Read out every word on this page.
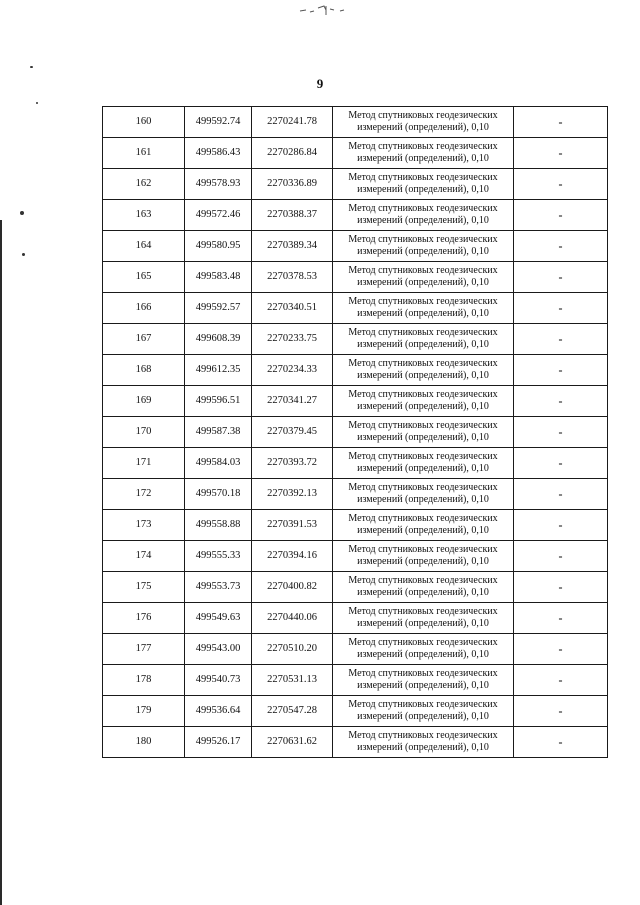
9
160	499592.74	2270241.78	Метод спутниковых геодезических измерений (определений), 0,10	-
161	499586.43	2270286.84	Метод спутниковых геодезических измерений (определений), 0,10	-
162	499578.93	2270336.89	Метод спутниковых геодезических измерений (определений), 0,10	-
163	499572.46	2270388.37	Метод спутниковых геодезических измерений (определений), 0,10	-
164	499580.95	2270389.34	Метод спутниковых геодезических измерений (определений), 0,10	-
165	499583.48	2270378.53	Метод спутниковых геодезических измерений (определений), 0,10	-
166	499592.57	2270340.51	Метод спутниковых геодезических измерений (определений), 0,10	-
167	499608.39	2270233.75	Метод спутниковых геодезических измерений (определений), 0,10	-
168	499612.35	2270234.33	Метод спутниковых геодезических измерений (определений), 0,10	-
169	499596.51	2270341.27	Метод спутниковых геодезических измерений (определений), 0,10	-
170	499587.38	2270379.45	Метод спутниковых геодезических измерений (определений), 0,10	-
171	499584.03	2270393.72	Метод спутниковых геодезических измерений (определений), 0,10	-
172	499570.18	2270392.13	Метод спутниковых геодезических измерений (определений), 0,10	-
173	499558.88	2270391.53	Метод спутниковых геодезических измерений (определений), 0,10	-
174	499555.33	2270394.16	Метод спутниковых геодезических измерений (определений), 0,10	-
175	499553.73	2270400.82	Метод спутниковых геодезических измерений (определений), 0,10	-
176	499549.63	2270440.06	Метод спутниковых геодезических измерений (определений), 0,10	-
177	499543.00	2270510.20	Метод спутниковых геодезических измерений (определений), 0,10	-
178	499540.73	2270531.13	Метод спутниковых геодезических измерений (определений), 0,10	-
179	499536.64	2270547.28	Метод спутниковых геодезических измерений (определений), 0,10	-
180	499526.17	2270631.62	Метод спутниковых геодезических измерений (определений), 0,10	-
